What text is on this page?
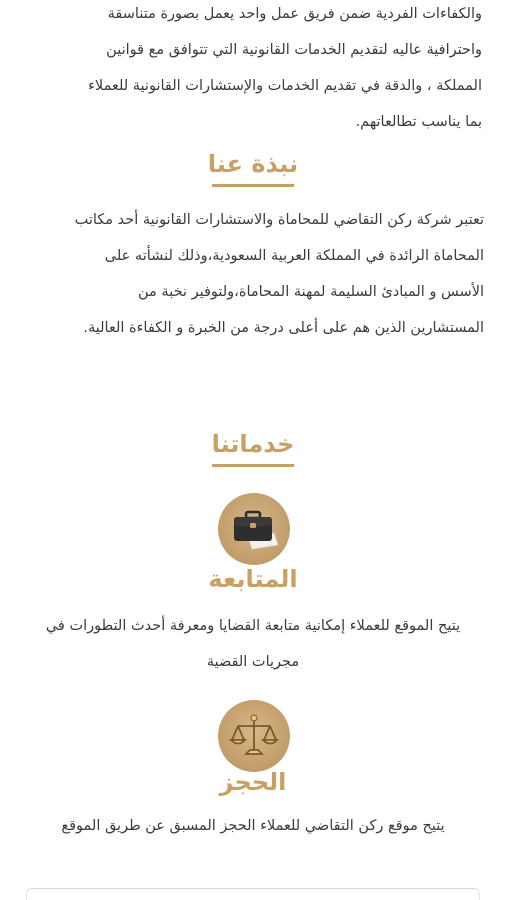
والكفاءات الفردية ضمن فريق عمل واحد يعمل بصورة متناسقة
واحترافية عاليه لتقديم الخدمات القانونية التي تتوافق مع قوانين
المملكة ، والدقة في تقديم الخدمات والإستشارات القانونية للعملاء
بما يناسب تطالعاتهم.
نبذة عنا
تعتبر شركة ركن التقاضي للمحاماة والاستشارات القانونية أحد مكاتب
المحاماة الرائدة في المملكة العربية السعودية،وذلك لنشأته على
الأسس و المبادئ السليمة لمهنة المحاماة،ولتوفير نخبة من
المستشارين الذين هم على أعلى درجة من الخبرة و الكفاءة العالية.
خدماتنا
المتابعة
يتيح الموقع للعملاء إمكانية متابعة القضايا ومعرفة أحدث التطورات في
مجريات القضية
الحجز
يتيح موقع ركن التقاضي للعملاء الحجز المسبق عن طريق الموقع
